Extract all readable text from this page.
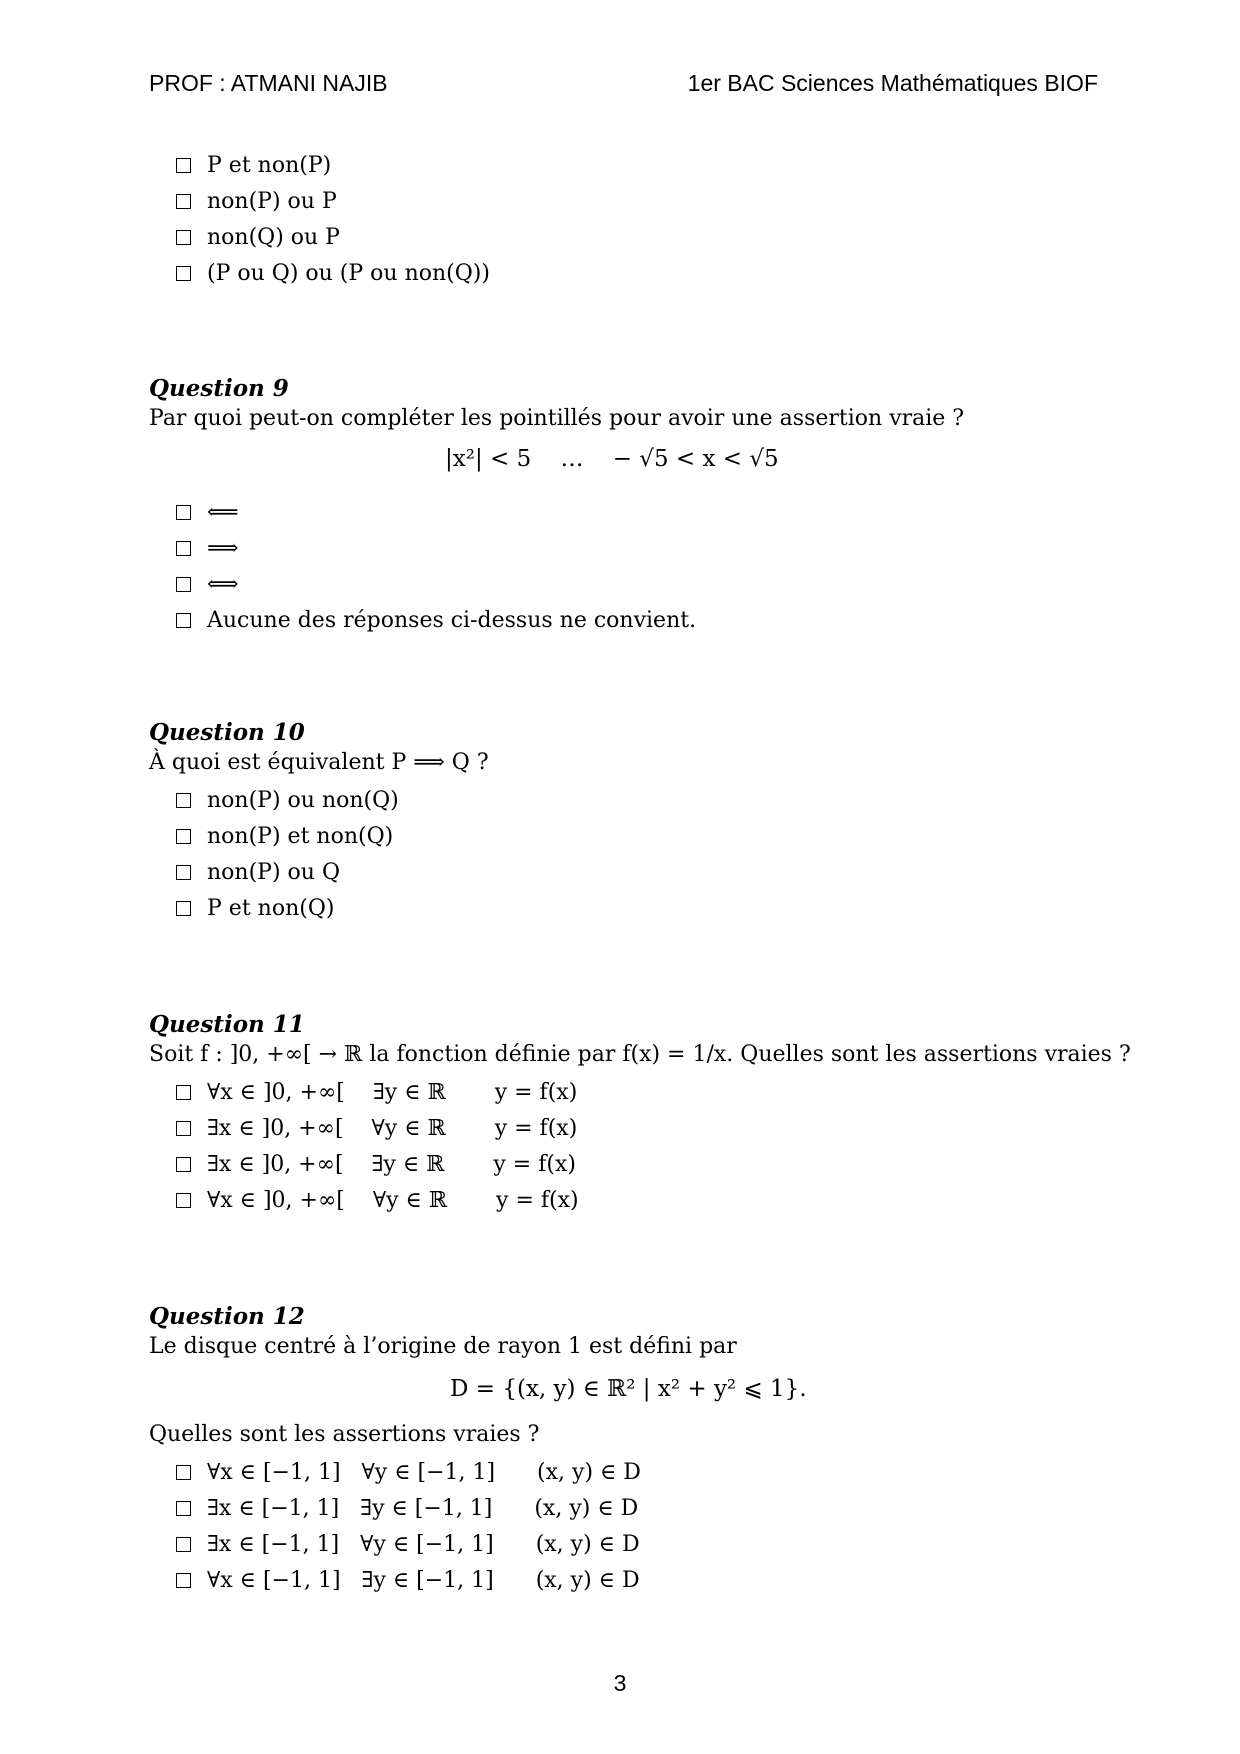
PROF : ATMANI NAJIB	1er BAC Sciences Mathématiques BIOF
P et non(P)
non(P) ou P
non(Q) ou P
(P ou Q) ou (P ou non(Q))
Question 9
Par quoi peut-on compléter les pointillés pour avoir une assertion vraie ?
|x²| < 5    …    − √5 < x < √5
⟸
⟹
⟺
Aucune des réponses ci-dessus ne convient.
Question 10
À quoi est équivalent P ⟹ Q ?
non(P) ou non(Q)
non(P) et non(Q)
non(P) ou Q
P et non(Q)
Question 11
Soit f : ]0, +∞[ → ℝ la fonction définie par f(x) = 1/x. Quelles sont les assertions vraies ?
∀x ∈ ]0, +∞[    ∃y ∈ ℝ       y = f(x)
∃x ∈ ]0, +∞[    ∀y ∈ ℝ       y = f(x)
∃x ∈ ]0, +∞[    ∃y ∈ ℝ       y = f(x)
∀x ∈ ]0, +∞[    ∀y ∈ ℝ       y = f(x)
Question 12
Le disque centré à l’origine de rayon 1 est défini par
D = {(x, y) ∈ ℝ² | x² + y² ⩽ 1}.
Quelles sont les assertions vraies ?
∀x ∈ [−1, 1]   ∀y ∈ [−1, 1]      (x, y) ∈ D
∃x ∈ [−1, 1]   ∃y ∈ [−1, 1]      (x, y) ∈ D
∃x ∈ [−1, 1]   ∀y ∈ [−1, 1]      (x, y) ∈ D
∀x ∈ [−1, 1]   ∃y ∈ [−1, 1]      (x, y) ∈ D
3
